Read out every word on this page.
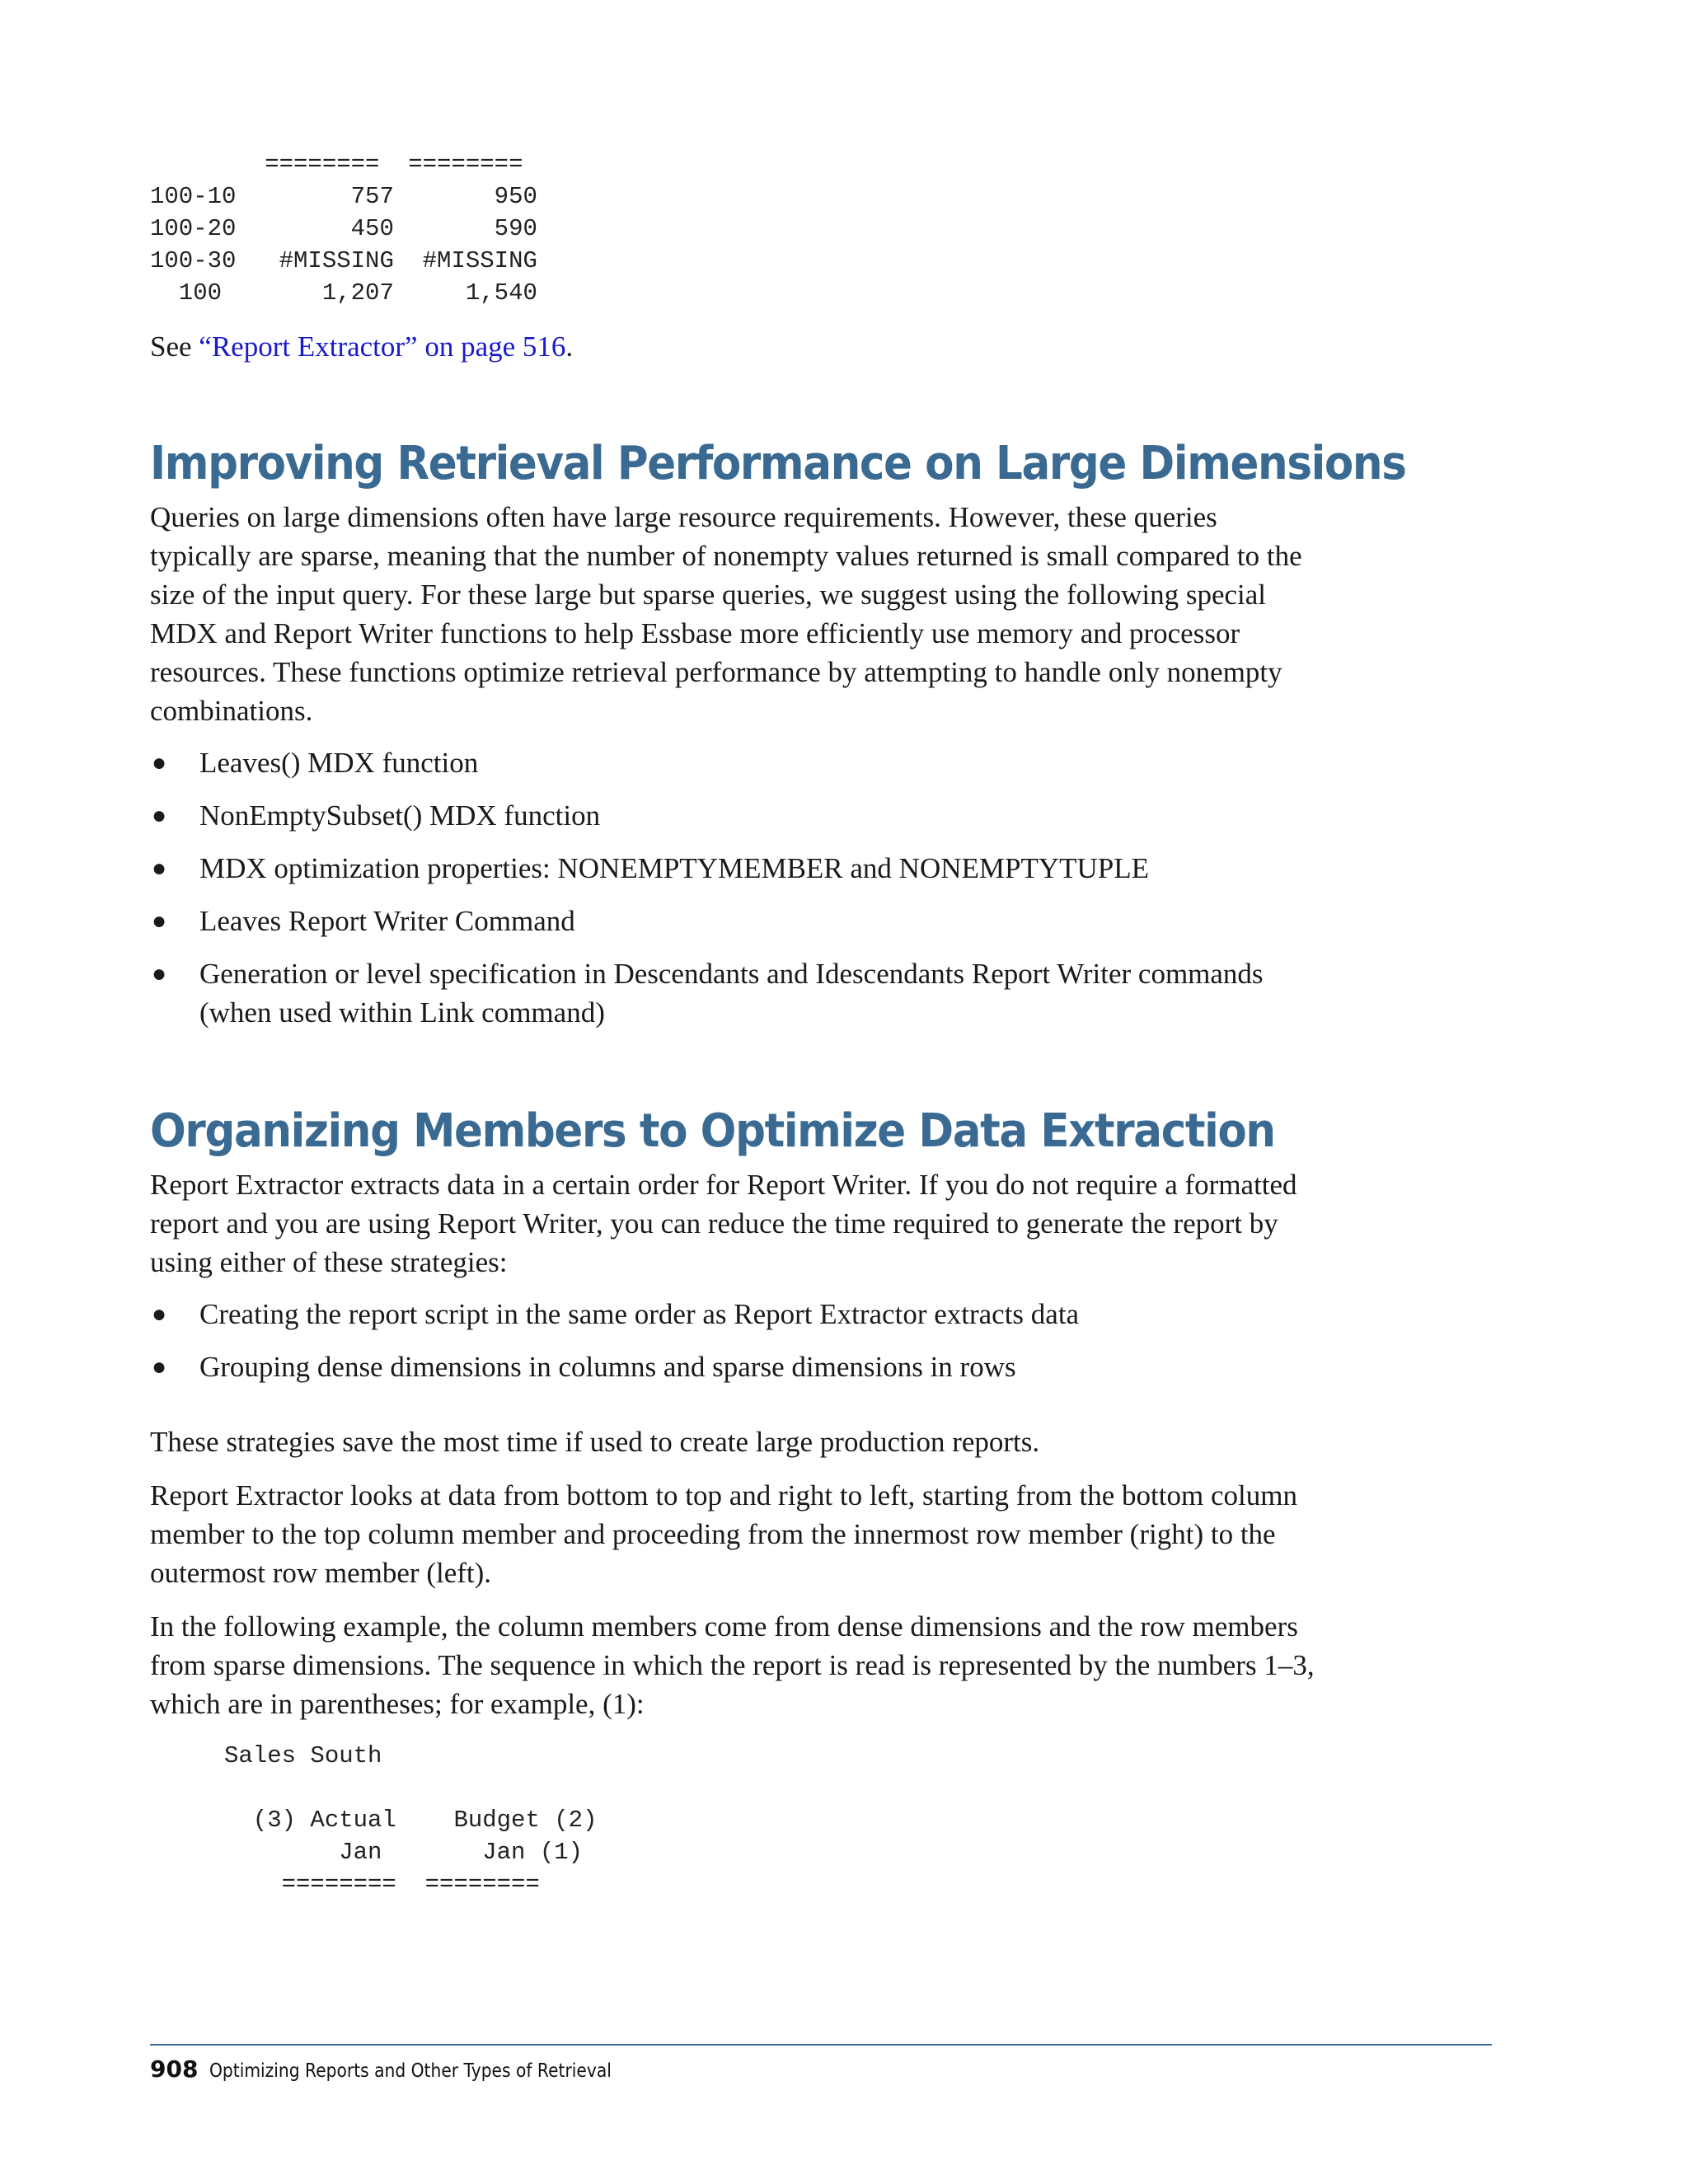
========  ========
100-10        757       950
100-20        450       590
100-30   #MISSING  #MISSING
100       1,207     1,540

See “Report Extractor” on page 516.

Improving Retrieval Performance on Large Dimensions

Queries on large dimensions often have large resource requirements. However, these queries typically are sparse, meaning that the number of nonempty values returned is small compared to the size of the input query. For these large but sparse queries, we suggest using the following special MDX and Report Writer functions to help Essbase more efficiently use memory and processor resources. These functions optimize retrieval performance by attempting to handle only nonempty combinations.

● Leaves() MDX function
● NonEmptySubset() MDX function
● MDX optimization properties: NONEMPTYMEMBER and NONEMPTYTUPLE
● Leaves Report Writer Command
● Generation or level specification in Descendants and Idescendants Report Writer commands (when used within Link command)
Organizing Members to Optimize Data Extraction

Report Extractor extracts data in a certain order for Report Writer. If you do not require a formatted report and you are using Report Writer, you can reduce the time required to generate the report by using either of these strategies:

● Creating the report script in the same order as Report Extractor extracts data
● Grouping dense dimensions in columns and sparse dimensions in rows

These strategies save the most time if used to create large production reports.

Report Extractor looks at data from bottom to top and right to left, starting from the bottom column member to the top column member and proceeding from the innermost row member (right) to the outermost row member (left).

In the following example, the column members come from dense dimensions and the row members from sparse dimensions. The sequence in which the report is read is represented by the numbers 1–3, which are in parentheses; for example, (1):

Sales South

(3) Actual    Budget (2)
Jan       Jan (1)
========  ========
908 Optimizing Reports and Other Types of Retrieval
